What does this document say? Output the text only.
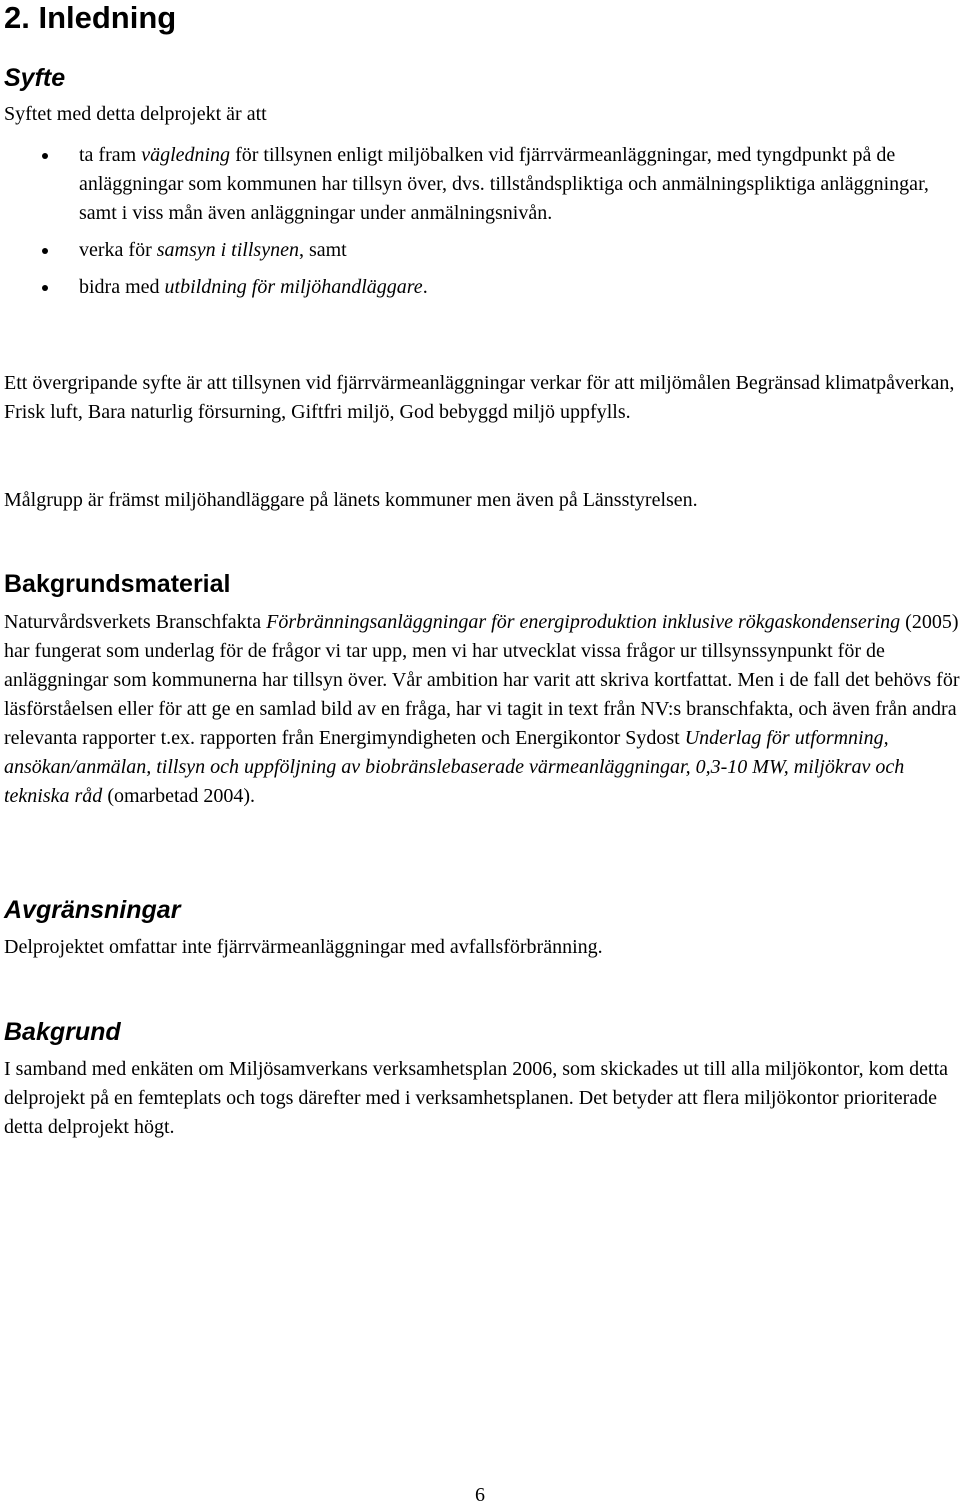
2. Inledning
Syfte

Syftet med detta delprojekt är att

ta fram vägledning för tillsynen enligt miljöbalken vid fjärrvärmeanläggningar, med tyngdpunkt på de anläggningar som kommunen har tillsyn över, dvs. tillståndspliktiga och anmälningspliktiga anläggningar, samt i viss mån även anläggningar under anmälningsnivån.
verka för samsyn i tillsynen, samt
bidra med utbildning för miljöhandläggare.

Ett övergripande syfte är att tillsynen vid fjärrvärmeanläggningar verkar för att miljömålen Begränsad klimatpåverkan, Frisk luft, Bara naturlig försurning, Giftfri miljö, God bebyggd miljö uppfylls.

Målgrupp är främst miljöhandläggare på länets kommuner men även på Länsstyrelsen.

Bakgrundsmaterial

Naturvårdsverkets Branschfakta Förbränningsanläggningar för energiproduktion inklusive rökgaskondensering (2005) har fungerat som underlag för de frågor vi tar upp, men vi har utvecklat vissa frågor ur tillsynssynpunkt för de anläggningar som kommunerna har tillsyn över. Vår ambition har varit att skriva kortfattat. Men i de fall det behövs för läsförståelsen eller för att ge en samlad bild av en fråga, har vi tagit in text från NV:s branschfakta, och även från andra relevanta rapporter t.ex. rapporten från Energimyndigheten och Energikontor Sydost Underlag för utformning, ansökan/anmälan, tillsyn och uppföljning av biobränslebaserade värmeanläggningar, 0,3-10 MW, miljökrav och tekniska råd (omarbetad 2004).

Avgränsningar

Delprojektet omfattar inte fjärrvärmeanläggningar med avfallsförbränning.

Bakgrund

I samband med enkäten om Miljösamverkans verksamhetsplan 2006, som skickades ut till alla miljökontor, kom detta delprojekt på en femteplats och togs därefter med i verksamhetsplanen. Det betyder att flera miljökontor prioriterade detta delprojekt högt.

6
